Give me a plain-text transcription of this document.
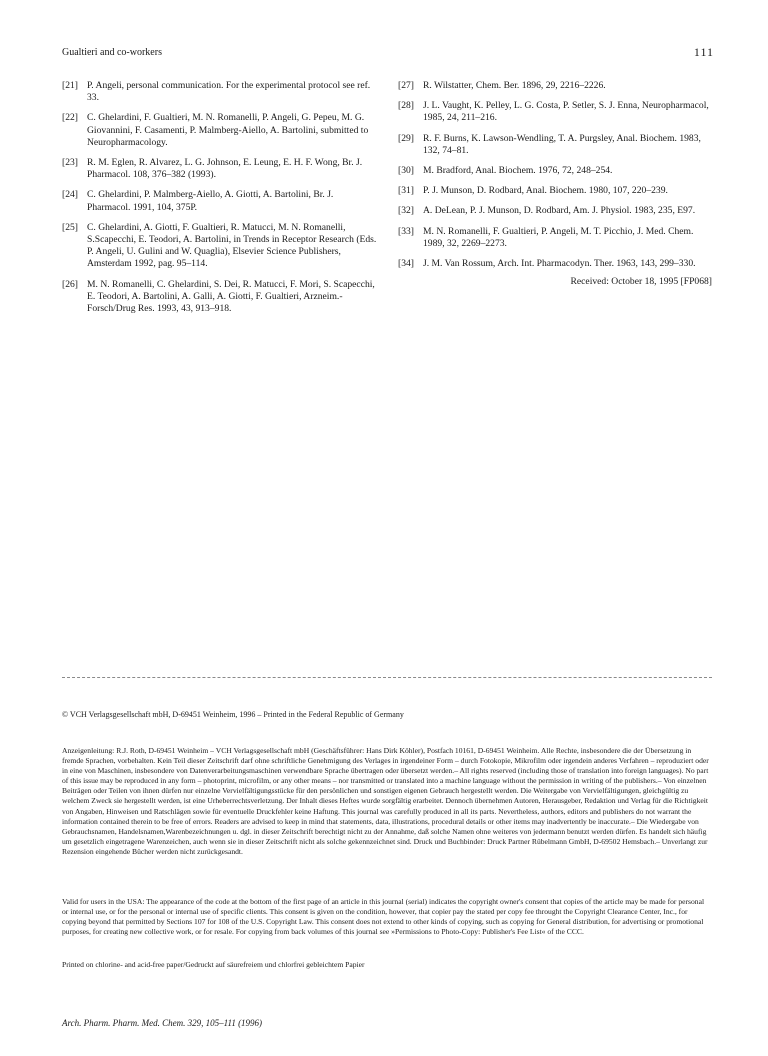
Gualtieri and co-workers	111
[21] P. Angeli, personal communication. For the experimental protocol see ref. 33.
[22] C. Ghelardini, F. Gualtieri, M. N. Romanelli, P. Angeli, G. Pepeu, M. G. Giovannini, F. Casamenti, P. Malmberg-Aiello, A. Bartolini, submitted to Neuropharmacology.
[23] R. M. Eglen, R. Alvarez, L. G. Johnson, E. Leung, E. H. F. Wong, Br. J. Pharmacol. 108, 376–382 (1993).
[24] C. Ghelardini, P. Malmberg-Aiello, A. Giotti, A. Bartolini, Br. J. Pharmacol. 1991, 104, 375P.
[25] C. Ghelardini, A. Giotti, F. Gualtieri, R. Matucci, M. N. Romanelli, S.Scapecchi, E. Teodori, A. Bartolini, in Trends in Receptor Research (Eds. P. Angeli, U. Gulini and W. Quaglia), Elsevier Science Publishers, Amsterdam 1992, pag. 95–114.
[26] M. N. Romanelli, C. Ghelardini, S. Dei, R. Matucci, F. Mori, S. Scapecchi, E. Teodori, A. Bartolini, A. Galli, A. Giotti, F. Gualtieri, Arzneim.-Forsch/Drug Res. 1993, 43, 913–918.
[27] R. Wilstatter, Chem. Ber. 1896, 29, 2216–2226.
[28] J. L. Vaught, K. Pelley, L. G. Costa, P. Setler, S. J. Enna, Neuropharmacol, 1985, 24, 211–216.
[29] R. F. Burns, K. Lawson-Wendling, T. A. Purgsley, Anal. Biochem. 1983, 132, 74–81.
[30] M. Bradford, Anal. Biochem. 1976, 72, 248–254.
[31] P. J. Munson, D. Rodbard, Anal. Biochem. 1980, 107, 220–239.
[32] A. DeLean, P. J. Munson, D. Rodbard, Am. J. Physiol. 1983, 235, E97.
[33] M. N. Romanelli, F. Gualtieri, P. Angeli, M. T. Picchio, J. Med. Chem. 1989, 32, 2269–2273.
[34] J. M. Van Rossum, Arch. Int. Pharmacodyn. Ther. 1963, 143, 299–330.
Received: October 18, 1995 [FP068]
© VCH Verlagsgesellschaft mbH, D-69451 Weinheim, 1996 – Printed in the Federal Republic of Germany
Anzeigenleitung: R.J. Roth, D-69451 Weinheim – VCH Verlagsgesellschaft mbH (Geschäftsführer: Hans Dirk Köhler), Postfach 10161, D-69451 Weinheim. Alle Rechte, insbesondere die der Übersetzung in fremde Sprachen, vorbehalten. Kein Teil dieser Zeitschrift darf ohne schriftliche Genehmigung des Verlages in irgendeiner Form – durch Fotokopie, Mikrofilm oder irgendein anderes Verfahren – reproduziert oder in eine von Maschinen, insbesondere von Datenverarbeitungsmaschinen verwendbare Sprache übertragen oder übersetzt werden.– All rights reserved (including those of translation into foreign languages). No part of this issue may be reproduced in any form – photoprint, microfilm, or any other means – nor transmitted or translated into a machine language without the permission in writing of the publishers.– Von einzelnen Beiträgen oder Teilen von ihnen dürfen nur einzelne Vervielfältigungsstücke für den persönlichen und sonstigen eigenen Gebrauch hergestellt werden. Die Weitergabe von Vervielfältigungen, gleichgültig zu welchem Zweck sie hergestellt werden, ist eine Urheberrechtsverletzung. Der Inhalt dieses Heftes wurde sorgfältig erarbeitet. Dennoch übernehmen Autoren, Herausgeber, Redaktion und Verlag für die Richtigkeit von Angaben, Hinweisen und Ratschlägen sowie für eventuelle Druckfehler keine Haftung. This journal was carefully produced in all its parts. Nevertheless, authors, editors and publishers do not warrant the information contained therein to be free of errors. Readers are advised to keep in mind that statements, data, illustrations, procedural details or other items may inadvertently be inaccurate.– Die Wiedergabe von Gebrauchsnamen, Handelsnamen,Warenbezeichnungen u. dgl. in dieser Zeitschrift berechtigt nicht zu der Annahme, daß solche Namen ohne weiteres von jedermann benutzt werden dürfen. Es handelt sich häufig um gesetzlich eingetragene Warenzeichen, auch wenn sie in dieser Zeitschrift nicht als solche gekennzeichnet sind. Druck und Buchbinder: Druck Partner Rübelmann GmbH, D-69502 Hemsbach.– Unverlangt zur Rezension eingehende Bücher werden nicht zurückgesandt.
Valid for users in the USA: The appearance of the code at the bottom of the first page of an article in this journal (serial) indicates the copyright owner's consent that copies of the article may be made for personal or internal use, or for the personal or internal use of specific clients. This consent is given on the condition, however, that copier pay the stated per copy fee throught the Copyright Clearance Center, Inc., for copying beyond that permitted by Sections 107 for 108 of the U.S. Copyright Law. This consent does not extend to other kinds of copying, such as copying for General distribution, for advertising or promotional purposes, for creating new collective work, or for resale. For copying from back volumes of this journal see »Permissions to Photo-Copy: Publisher's Fee List« of the CCC.
Printed on chlorine- and acid-free paper/Gedruckt auf säurefreiem und chlorfrei gebleichtem Papier
Arch. Pharm. Pharm. Med. Chem. 329, 105–111 (1996)
